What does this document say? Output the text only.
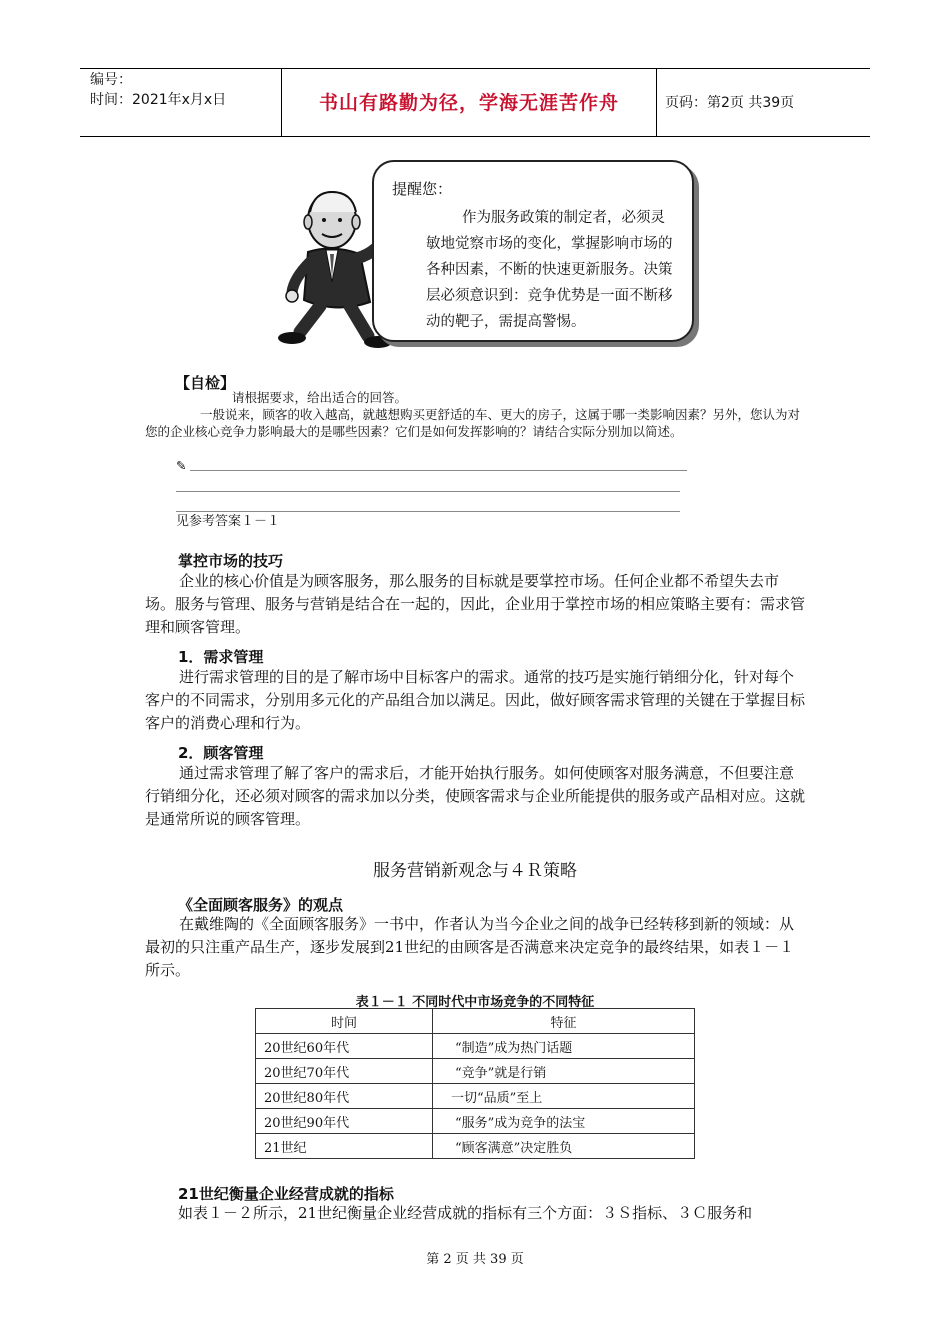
编号：
时间：2021年x月x日	书山有路勤为径，学海无涯苦作舟	页码：第2页 共39页
提醒您：
作为服务政策的制定者，必须灵敏地觉察市场的变化，掌握影响市场的各种因素，不断的快速更新服务。决策层必须意识到：竞争优势是一面不断移动的靶子，需提高警惕。
【自检】
请根据要求，给出适合的回答。
一般说来，顾客的收入越高，就越想购买更舒适的车、更大的房子，这属于哪一类影响因素？另外，您认为对您的企业核心竞争力影响最大的是哪些因素？它们是如何发挥影响的？请结合实际分别加以简述。
✎
见参考答案１－１
掌控市场的技巧
企业的核心价值是为顾客服务，那么服务的目标就是要掌控市场。任何企业都不希望失去市场。服务与管理、服务与营销是结合在一起的，因此，企业用于掌控市场的相应策略主要有：需求管理和顾客管理。
1．需求管理
进行需求管理的目的是了解市场中目标客户的需求。通常的技巧是实施行销细分化，针对每个客户的不同需求，分别用多元化的产品组合加以满足。因此，做好顾客需求管理的关键在于掌握目标客户的消费心理和行为。
2．顾客管理
通过需求管理了解了客户的需求后，才能开始执行服务。如何使顾客对服务满意，不但要注意行销细分化，还必须对顾客的需求加以分类，使顾客需求与企业所能提供的服务或产品相对应。这就是通常所说的顾客管理。
服务营销新观念与４Ｒ策略
《全面顾客服务》的观点
在戴维陶的《全面顾客服务》一书中，作者认为当今企业之间的战争已经转移到新的领域：从最初的只注重产品生产，逐步发展到21世纪的由顾客是否满意来决定竞争的最终结果，如表１－１所示。
表１－１ 不同时代中市场竞争的不同特征
时间	特征
20世纪60年代	“制造”成为热门话题
20世纪70年代	“竞争”就是行销
20世纪80年代	一切“品质”至上
20世纪90年代	“服务”成为竞争的法宝
21世纪	“顾客满意”决定胜负
21世纪衡量企业经营成就的指标
如表１－２所示，21世纪衡量企业经营成就的指标有三个方面：３Ｓ指标、３Ｃ服务和
第 2 页 共 39 页
